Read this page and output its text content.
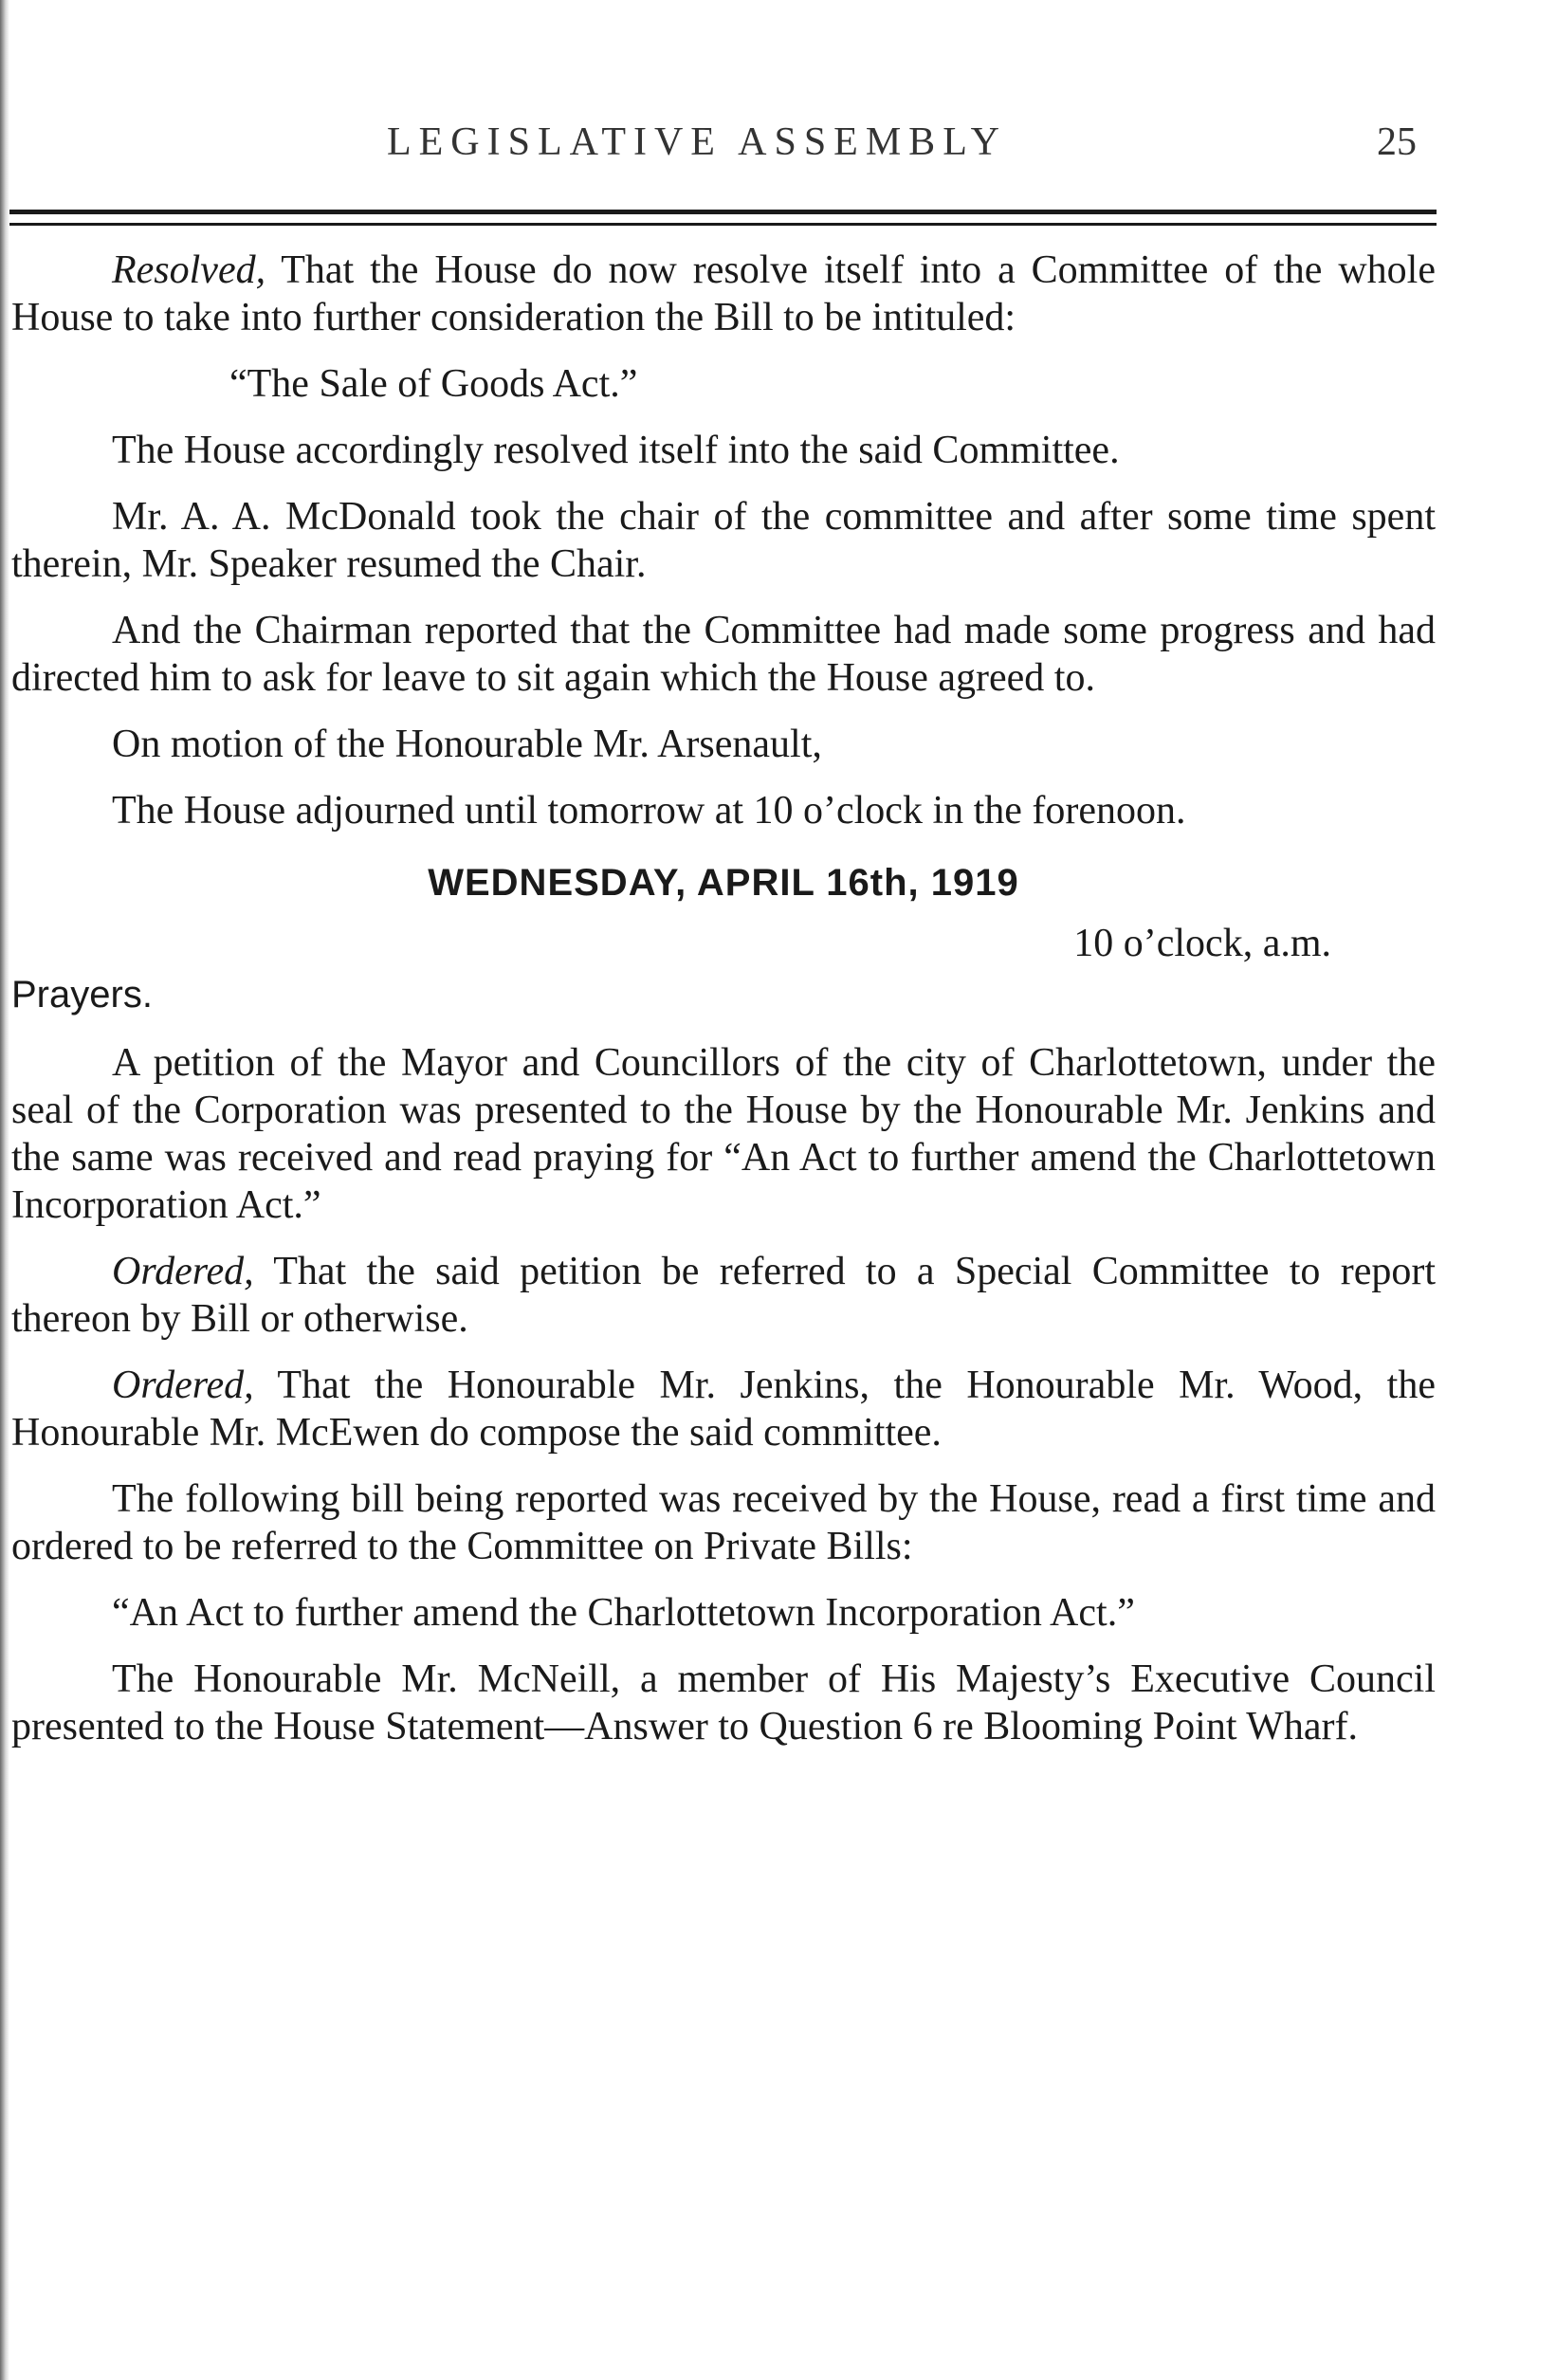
LEGISLATIVE ASSEMBLY	25

Resolved, That the House do now resolve itself into a Committee of the whole House to take into further consideration the Bill to be intituled:

“The Sale of Goods Act.”

The House accordingly resolved itself into the said Committee.

Mr. A. A. McDonald took the chair of the committee and after some time spent therein, Mr. Speaker resumed the Chair.

And the Chairman reported that the Committee had made some progress and had directed him to ask for leave to sit again which the House agreed to.

On motion of the Honourable Mr. Arsenault,

The House adjourned until tomorrow at 10 o’clock in the forenoon.

WEDNESDAY, APRIL 16th, 1919
10 o’clock, a.m.
Prayers.

A petition of the Mayor and Councillors of the city of Charlottetown, under the seal of the Corporation was presented to the House by the Honourable Mr. Jenkins and the same was received and read praying for “An Act to further amend the Charlottetown Incorporation Act.”

Ordered, That the said petition be referred to a Special Committee to report thereon by Bill or otherwise.

Ordered, That the Honourable Mr. Jenkins, the Honourable Mr. Wood, the Honourable Mr. McEwen do compose the said committee.

The following bill being reported was received by the House, read a first time and ordered to be referred to the Committee on Private Bills:

“An Act to further amend the Charlottetown Incorporation Act.”

The Honourable Mr. McNeill, a member of His Majesty’s Executive Council presented to the House Statement—Answer to Question 6 re Blooming Point Wharf.
